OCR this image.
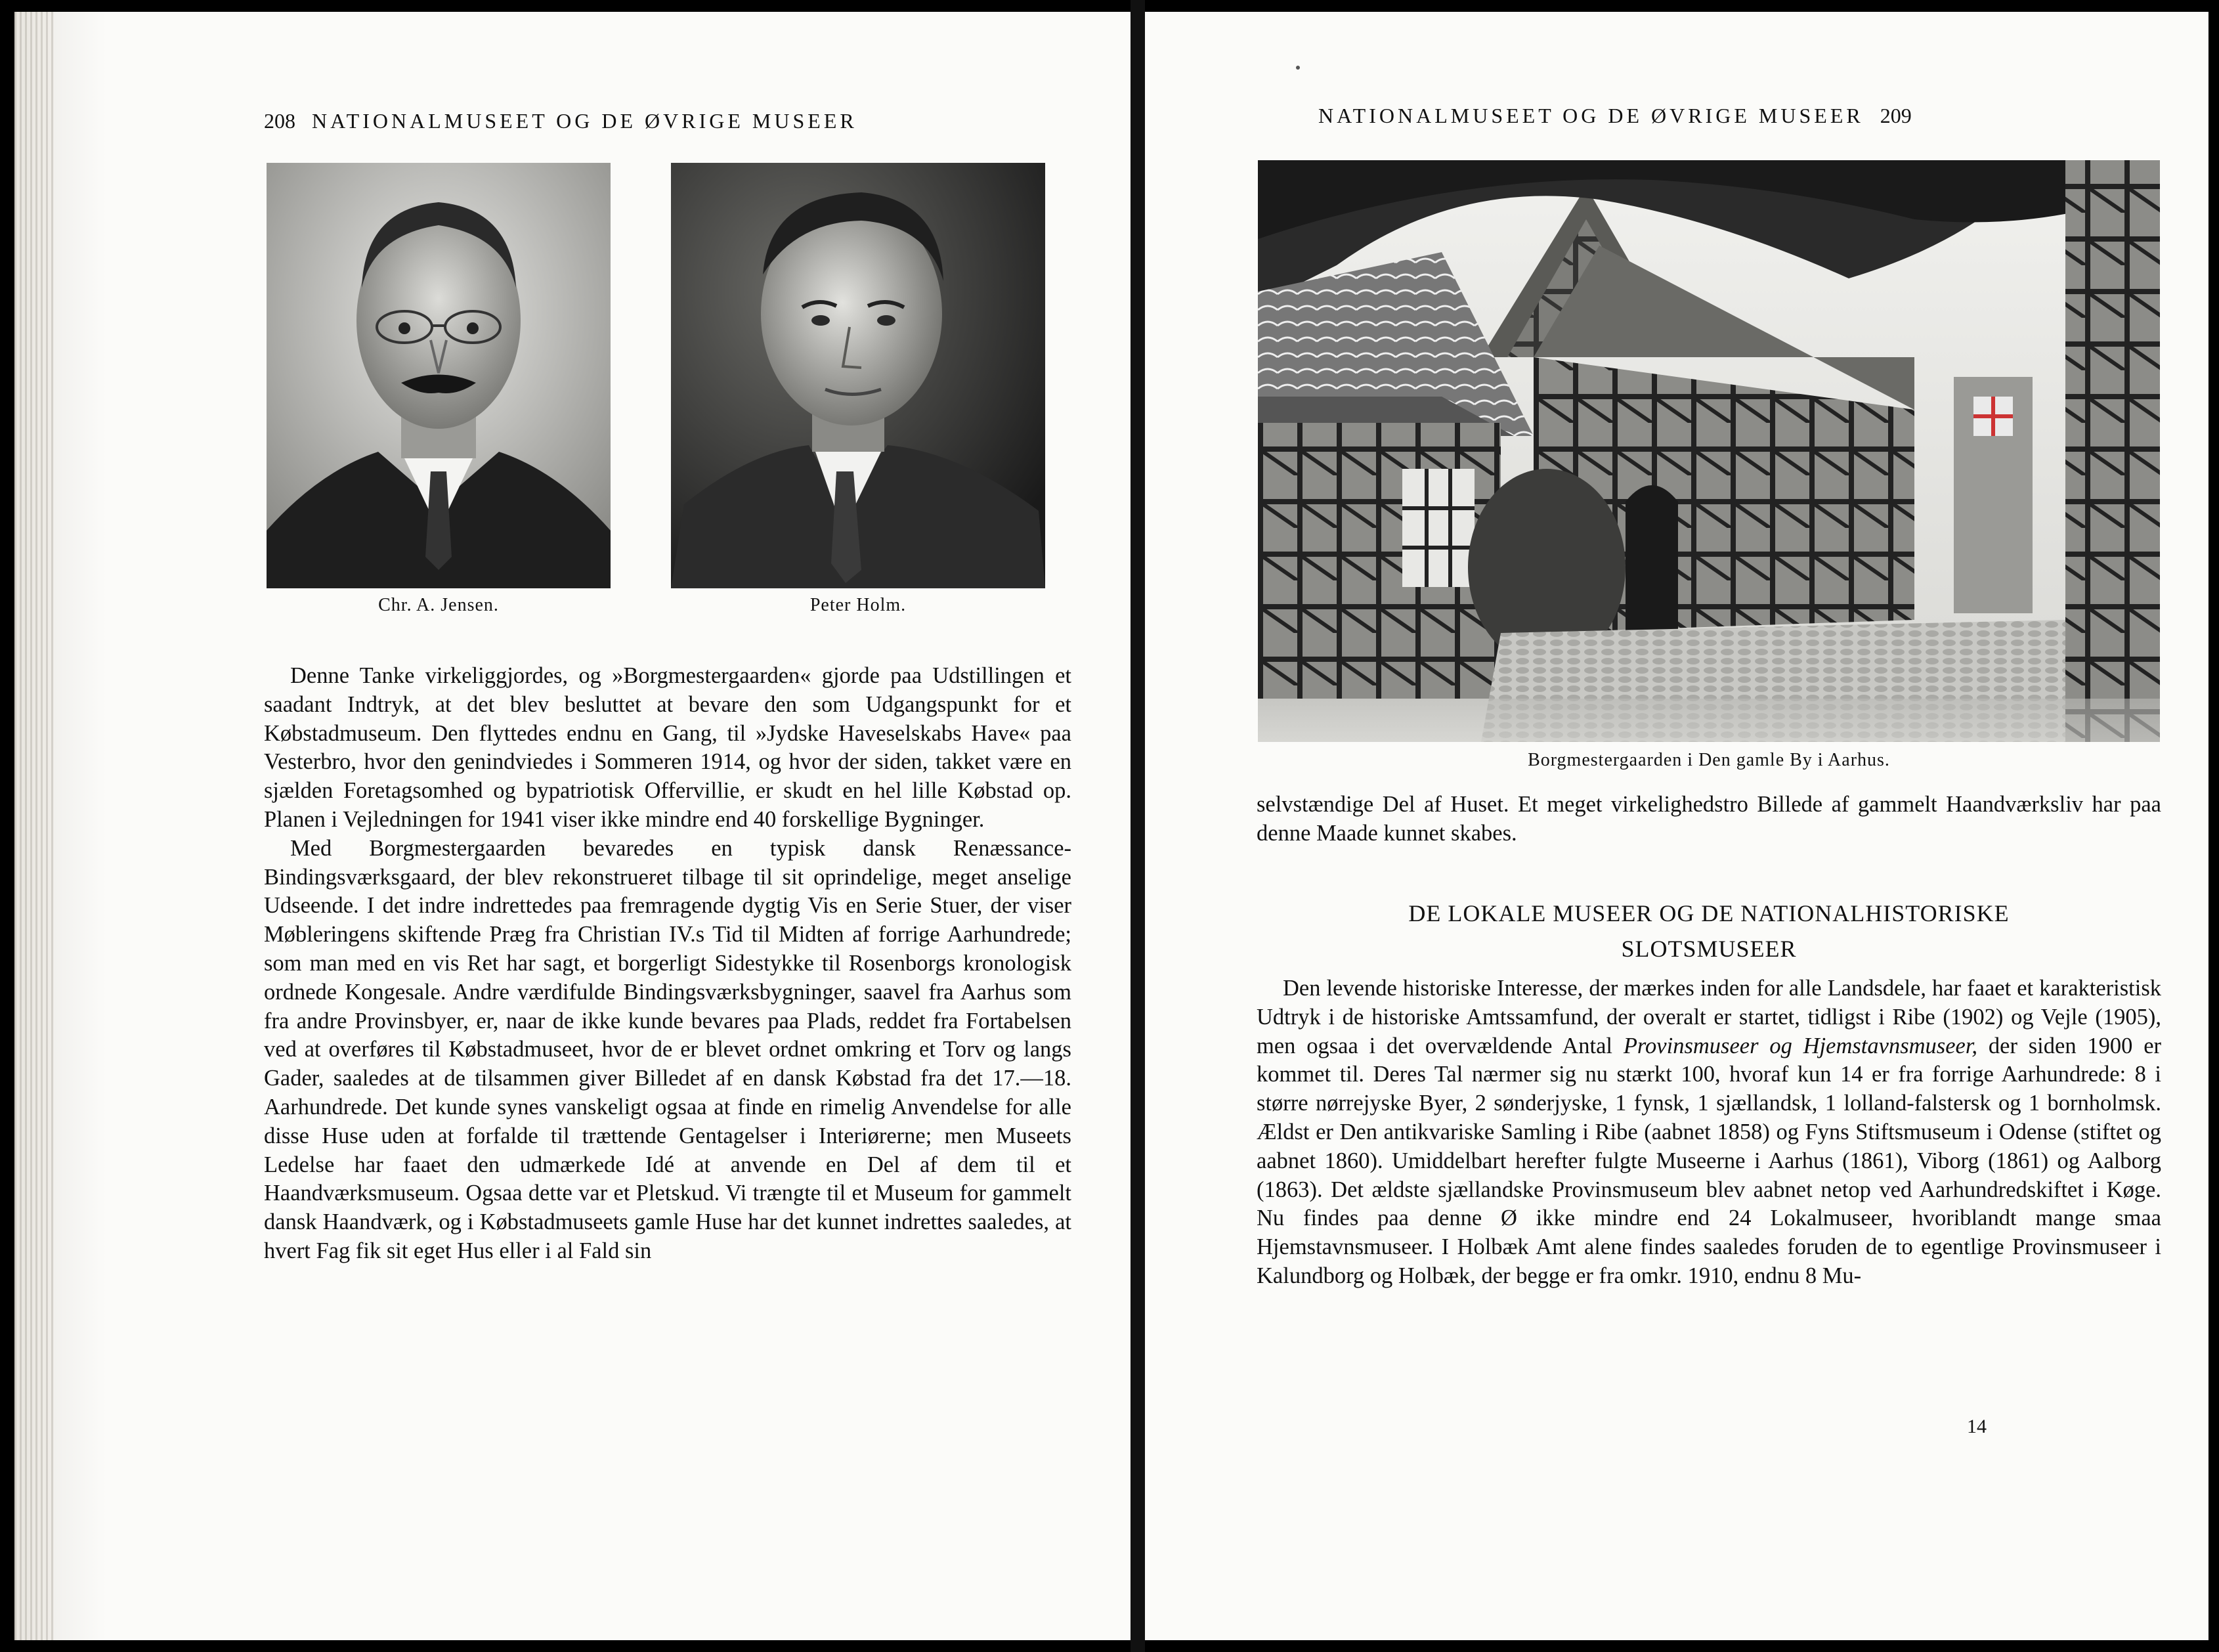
208 NATIONALMUSEET OG DE ØVRIGE MUSEER
Chr. A. Jensen.	Peter Holm.

Denne Tanke virkeliggjordes, og »Borgmestergaarden« gjorde paa Udstillingen et saadant Indtryk, at det blev besluttet at bevare den som Udgangspunkt for et Købstadmuseum. Den flyttedes endnu en Gang, til »Jydske Haveselskabs Have« paa Vesterbro, hvor den genindviedes i Sommeren 1914, og hvor der siden, takket være en sjælden Foretagsomhed og bypatriotisk Offervillie, er skudt en hel lille Købstad op. Planen i Vejledningen for 1941 viser ikke mindre end 40 forskellige Bygninger.

Med Borgmestergaarden bevaredes en typisk dansk Renæssance-Bindingsværksgaard, der blev rekonstrueret tilbage til sit oprindelige, meget anselige Udseende. I det indre indrettedes paa fremragende dygtig Vis en Serie Stuer, der viser Møbleringens skiftende Præg fra Christian IV.s Tid til Midten af forrige Aarhundrede; som man med en vis Ret har sagt, et borgerligt Sidestykke til Rosenborgs kronologisk ordnede Kongesale. Andre værdifulde Bindingsværksbygninger, saavel fra Aarhus som fra andre Provinsbyer, er, naar de ikke kunde bevares paa Plads, reddet fra Fortabelsen ved at overføres til Købstadmuseet, hvor de er blevet ordnet omkring et Torv og langs Gader, saaledes at de tilsammen giver Billedet af en dansk Købstad fra det 17.—18. Aarhundrede. Det kunde synes vanskeligt ogsaa at finde en rimelig Anvendelse for alle disse Huse uden at forfalde til trættende Gentagelser i Interiørerne; men Museets Ledelse har faaet den udmærkede Idé at anvende en Del af dem til et Haandværksmuseum. Ogsaa dette var et Pletskud. Vi trængte til et Museum for gammelt dansk Haandværk, og i Købstadmuseets gamle Huse har det kunnet indrettes saaledes, at hvert Fag fik sit eget Hus eller i al Fald sin

NATIONALMUSEET OG DE ØVRIGE MUSEER 209
Borgmestergaarden i Den gamle By i Aarhus.

selvstændige Del af Huset. Et meget virkelighedstro Billede af gammelt Haandværksliv har paa denne Maade kunnet skabes.

DE LOKALE MUSEER OG DE NATIONALHISTORISKE
SLOTSMUSEER

Den levende historiske Interesse, der mærkes inden for alle Landsdele, har faaet et karakteristisk Udtryk i de historiske Amtssamfund, der overalt er startet, tidligst i Ribe (1902) og Vejle (1905), men ogsaa i det overvældende Antal Provinsmuseer og Hjemstavnsmuseer, der siden 1900 er kommet til. Deres Tal nærmer sig nu stærkt 100, hvoraf kun 14 er fra forrige Aarhundrede: 8 i større nørrejyske Byer, 2 sønderjyske, 1 fynsk, 1 sjællandsk, 1 lolland-falstersk og 1 bornholmsk. Ældst er Den antikvariske Samling i Ribe (aabnet 1858) og Fyns Stiftsmuseum i Odense (stiftet og aabnet 1860). Umiddelbart herefter fulgte Museerne i Aarhus (1861), Viborg (1861) og Aalborg (1863). Det ældste sjællandske Provinsmuseum blev aabnet netop ved Aarhundredskiftet i Køge. Nu findes paa denne Ø ikke mindre end 24 Lokalmuseer, hvoriblandt mange smaa Hjemstavnsmuseer. I Holbæk Amt alene findes saaledes foruden de to egentlige Provinsmuseer i Kalundborg og Holbæk, der begge er fra omkr. 1910, endnu 8 Mu-

14
